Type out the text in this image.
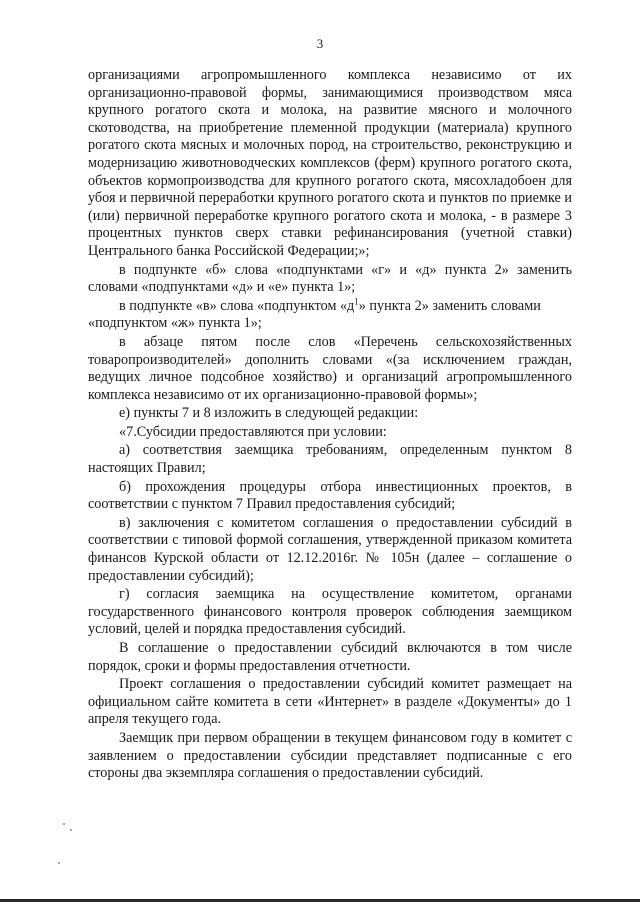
3

организациями агропромышленного комплекса независимо от их организационно-правовой формы, занимающимися производством мяса крупного рогатого скота и молока, на развитие мясного и молочного скотоводства, на приобретение племенной продукции (материала) крупного рогатого скота мясных и молочных пород, на строительство, реконструкцию и модернизацию животноводческих комплексов (ферм) крупного рогатого скота, объектов кормопроизводства для крупного рогатого скота, мясохладобоен для убоя и первичной переработки крупного рогатого скота и пунктов по приемке и (или) первичной переработке крупного рогатого скота и молока, - в размере 3 процентных пунктов сверх ставки рефинансирования (учетной ставки) Центрального банка Российской Федерации;»;

в подпункте «б» слова «подпунктами «г» и «д» пункта 2» заменить словами «подпунктами «д» и «е» пункта 1»;

в подпункте «в» слова «подпунктом «$д^1$» пункта 2» заменить словами

«подпунктом «ж» пункта 1»;

в абзаце пятом после слов «Перечень сельскохозяйственных товаропроизводителей» дополнить словами «(за исключением граждан, ведущих личное подсобное хозяйство) и организаций агропромышленного комплекса независимо от их организационно-правовой формы»;

е) пункты 7 и 8 изложить в следующей редакции:

«7.Субсидии предоставляются при условии:

а) соответствия заемщика требованиям, определенным пунктом 8 настоящих Правил;

б) прохождения процедуры отбора инвестиционных проектов, в соответствии с пунктом 7 Правил предоставления субсидий;

в) заключения с комитетом соглашения о предоставлении субсидий в соответствии с типовой формой соглашения, утвержденной приказом комитета финансов Курской области от 12.12.2016г. № 105н (далее – соглашение о предоставлении субсидий);

г) согласия заемщика на осуществление комитетом, органами государственного финансового контроля проверок соблюдения заемщиком условий, целей и порядка предоставления субсидий.

В соглашение о предоставлении субсидий включаются в том числе порядок, сроки и формы предоставления отчетности.

Проект соглашения о предоставлении субсидий комитет размещает на официальном сайте комитета в сети «Интернет» в разделе «Документы» до 1 апреля текущего года.

Заемщик при первом обращении в текущем финансовом году в комитет с заявлением о предоставлении субсидии представляет подписанные с его стороны два экземпляра соглашения о предоставлении субсидий.
